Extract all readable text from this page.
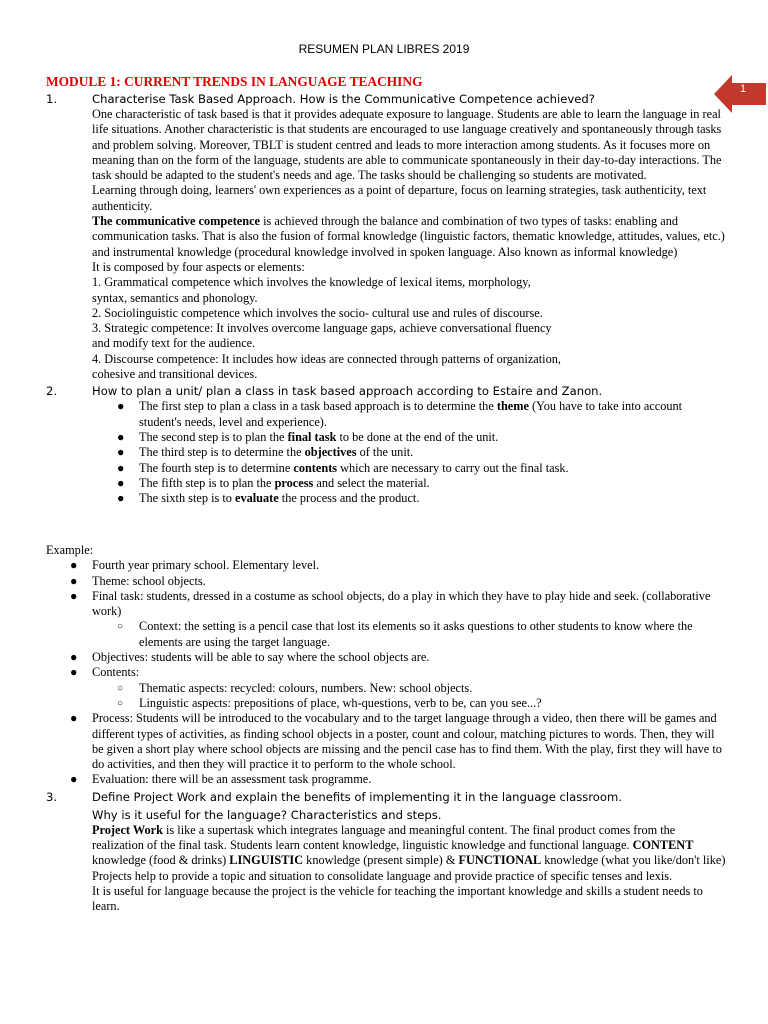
RESUMEN PLAN LIBRES 2019
1
MODULE 1: CURRENT TRENDS IN LANGUAGE TEACHING
1.	Characterise Task Based Approach. How is the Communicative Competence achieved?

One characteristic of task based is that it provides adequate exposure to language. Students are able to learn the language in real life situations. Another characteristic is that students are encouraged to use language creatively and spontaneously through tasks and problem solving. Moreover, TBLT is student centred and leads to more interaction among students. As it focuses more on meaning than on the form of the language, students are able to communicate spontaneously in their day-to-day interactions. The task should be adapted to the student's needs and age. The tasks should be challenging so students are motivated.

Learning through doing, learners' own experiences as a point of departure, focus on learning strategies, task authenticity, text authenticity.

The communicative competence is achieved through the balance and combination of two types of tasks: enabling and communication tasks. That is also the fusion of formal knowledge (linguistic factors, thematic knowledge, attitudes, values, etc.) and instrumental knowledge (procedural knowledge involved in spoken language. Also known as informal knowledge)

It is composed by four aspects or elements:

1. Grammatical competence which involves the knowledge of lexical items, morphology,
syntax, semantics and phonology.
2. Sociolinguistic competence which involves the socio- cultural use and rules of discourse.
3. Strategic competence: It involves overcome language gaps, achieve conversational fluency
and modify text for the audience.
4. Discourse competence: It includes how ideas are connected through patterns of organization,
cohesive and transitional devices.
2.	How to plan a unit/ plan a class in task based approach according to Estaire and Zanon.
● The first step to plan a class in a task based approach is to determine the theme (You have to take into account student's needs, level and experience).
● The second step is to plan the final task to be done at the end of the unit.
● The third step is to determine the objectives of the unit.
● The fourth step is to determine contents which are necessary to carry out the final task.
● The fifth step is to plan the process and select the material.
● The sixth step is to evaluate the process and the product.
Example:
● Fourth year primary school. Elementary level.
● Theme: school objects.
● Final task: students, dressed in a costume as school objects, do a play in which they have to play hide and seek. (collaborative work)
○ Context: the setting is a pencil case that lost its elements so it asks questions to other students to know where the elements are using the target language.
● Objectives: students will be able to say where the school objects are.
● Contents:
○ Thematic aspects: recycled: colours, numbers. New: school objects.
○ Linguistic aspects: prepositions of place, wh-questions, verb to be, can you see...?
● Process: Students will be introduced to the vocabulary and to the target language through a video, then there will be games and different types of activities, as finding school objects in a poster, count and colour, matching pictures to words. Then, they will be given a short play where school objects are missing and the pencil case has to find them. With the play, first they will have to do activities, and then they will practice it to perform to the whole school.
● Evaluation: there will be an assessment task programme.
3.	Define Project Work and explain the benefits of implementing it in the language classroom.
Why is it useful for the language? Characteristics and steps.

Project Work is like a supertask which integrates language and meaningful content. The final product comes from the realization of the final task. Students learn content knowledge, linguistic knowledge and functional language. CONTENT knowledge (food & drinks) LINGUISTIC knowledge (present simple) & FUNCTIONAL knowledge (what you like/don't like)

Projects help to provide a topic and situation to consolidate language and provide practice of specific tenses and lexis.

It is useful for language because the project is the vehicle for teaching the important knowledge and skills a student needs to learn.
